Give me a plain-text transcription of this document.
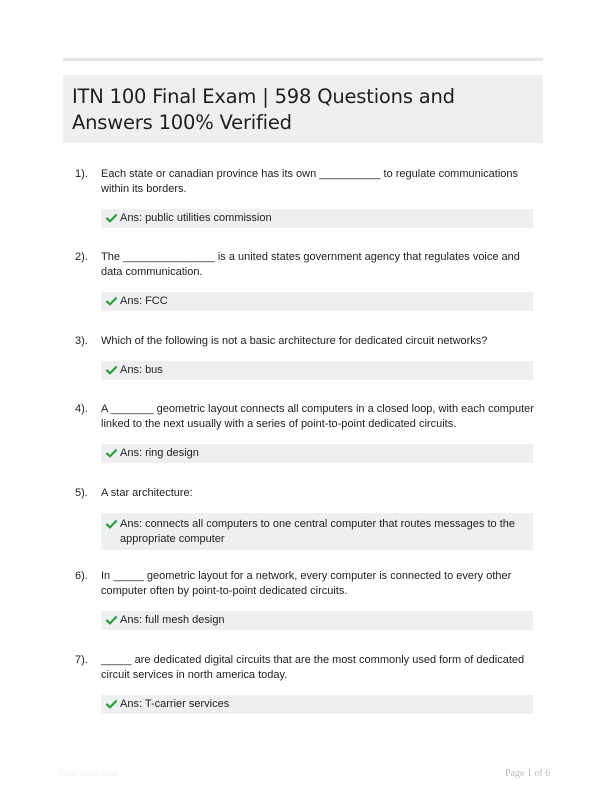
ITN 100 Final Exam | 598 Questions and Answers 100% Verified
1).	Each state or canadian province has its own __________ to regulate communications within its borders.
Ans: public utilities commission
2).	The _______________ is a united states government agency that regulates voice and data communication.
Ans: FCC
3).	Which of the following is not a basic architecture for dedicated circuit networks?
Ans: bus
4).	A _______ geometric layout connects all computers in a closed loop, with each computer linked to the next usually with a series of point-to-point dedicated circuits.
Ans: ring design
5).	A star architecture:
Ans: connects all computers to one central computer that routes messages to the appropriate computer
6).	In _____ geometric layout for a network, every computer is connected to every other computer often by point-to-point dedicated circuits.
Ans: full mesh design
7).	_____ are dedicated digital circuits that are the most commonly used form of dedicated circuit services in north america today.
Ans: T-carrier services
PaperTrible.com	Page 1 of 6
